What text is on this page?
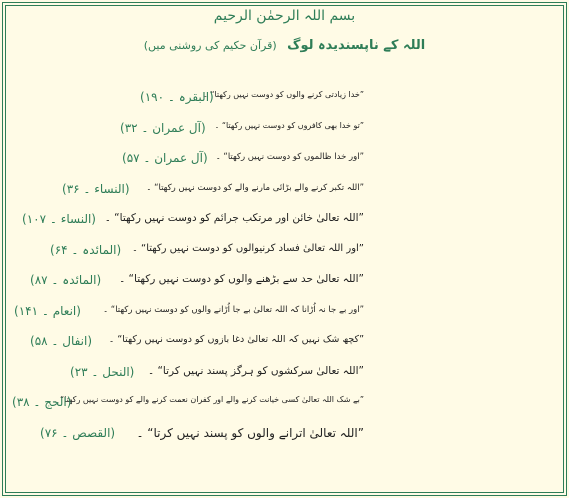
بسم اللہ الرحمٰن الرحیم
اللہ کے ناپسندیدہ لوگ (قرآن حکیم کی روشنی میں)
”خدا زیادتی کرنے والوں کو دوست نہیں رکھتا“ ۔
(البقرہ ۔ ۱۹۰)
”تو خدا بھی کافروں کو دوست نہیں رکھتا“ ۔
(آل عمران ۔ ۳۲)
”اور خدا ظالموں کو دوست نہیں رکھتا“ ۔
(آل عمران ۔ ۵۷)
”اللہ تکبر کرنے والے بڑائی مارنے والے کو دوست نہیں رکھتا“ ۔
(النساء ۔ ۳۶)
”اللہ تعالیٰ خائن اور مرتکب جرائم کو دوست نہیں رکھتا“ ۔
(النساء ۔ ۱۰۷)
”اور اللہ تعالیٰ فساد کرنیوالوں کو دوست نہیں رکھتا“ ۔
(المائدہ ۔ ۶۴)
”اللہ تعالیٰ حد سے بڑھنے والوں کو دوست نہیں رکھتا“ ۔
(المائدہ ۔ ۸۷)
”اور بے جا نہ اُڑانا کہ اللہ تعالیٰ بے جا اُڑانے والوں کو دوست نہیں رکھتا“ ۔
(انعام ۔ ۱۴۱)
”کچھ شک نہیں کہ اللہ تعالیٰ دغا بازوں کو دوست نہیں رکھتا“ ۔
(انفال ۔ ۵۸)
”اللہ تعالیٰ سرکشوں کو ہرگز پسند نہیں کرتا“ ۔
(النحل ۔ ۲۳)
”بے شک اللہ تعالیٰ کسی خیانت کرنے والے اور کفران نعمت کرنے والے کو دوست نہیں رکھتا“ ۔
(الحج ۔ ۳۸)
”اللہ تعالیٰ اترانے والوں کو پسند نہیں کرتا“ ۔
(القصص ۔ ۷۶)
